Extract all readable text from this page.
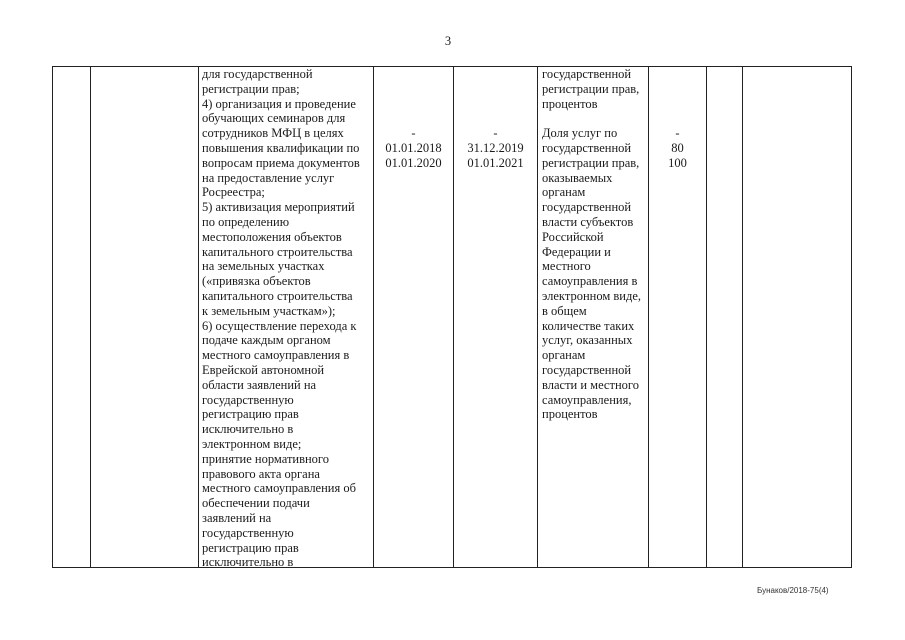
3
для государственной
регистрации прав;
4) организация и проведение
обучающих семинаров для
сотрудников МФЦ в целях
повышения квалификации по
вопросам приема документов
на предоставление услуг
Росреестра;
5) активизация мероприятий
по определению
местоположения объектов
капитального строительства
на земельных участках
(«привязка объектов
капитального строительства
к земельным участкам»);
6) осуществление перехода к
подаче каждым органом
местного самоуправления в
Еврейской автономной
области заявлений на
государственную
регистрацию прав
исключительно в
электронном виде;
принятие нормативного
правового акта органа
местного самоуправления об
обеспечении подачи
заявлений на
государственную
регистрацию прав
исключительно в
-
01.01.2018
01.01.2020
-
31.12.2019
01.01.2021
государственной
регистрации прав,
процентов
Доля услуг по
государственной
регистрации прав,
оказываемых
органам
государственной
власти субъектов
Российской
Федерации и
местного
самоуправления в
электронном виде,
в общем
количестве таких
услуг, оказанных
органам
государственной
власти и местного
самоуправления,
процентов
-
80
100
Бунаков/2018-75(4)
